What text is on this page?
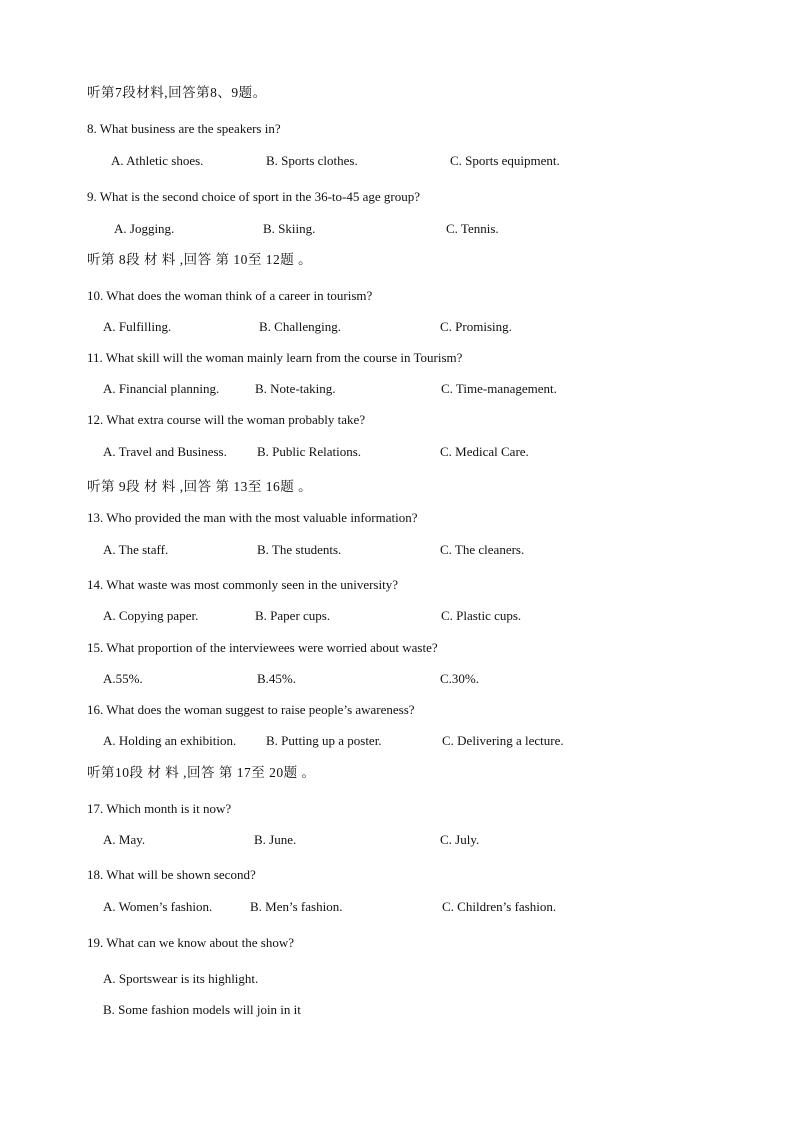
听第7段材料,回答第8、9题。
8. What business are the speakers in?
A. Athletic shoes.	B. Sports clothes.	C. Sports equipment.
9. What is the second choice of sport in the 36-to-45 age group?
A. Jogging.	B. Skiing.	C. Tennis.
听第 8段 材 料 ,回答 第 10至 12题 。
10. What does the woman think of a career in tourism?
A. Fulfilling.	B. Challenging.	C. Promising.
11. What skill will the woman mainly learn from the course in Tourism?
A. Financial planning.	B. Note-taking.	C. Time-management.
12. What extra course will the woman probably take?
A. Travel and Business. B. Public Relations.	C. Medical Care.
听第 9段 材 料 ,回答 第 13至 16题 。
13. Who provided the man with the most valuable information?
A. The staff.	B. The students.	C. The cleaners.
14. What waste was most commonly seen in the university?
A. Copying paper.	B. Paper cups.	C. Plastic cups.
15. What proportion of the interviewees were worried about waste?
A.55%.	B.45%.	C.30%.
16. What does the woman suggest to raise people’s awareness?
A. Holding an exhibition. B. Putting up a poster.	C. Delivering a lecture.
听第10段 材 料 ,回答 第 17至 20题 。
17. Which month is it now?
A. May.	B. June.	C. July.
18. What will be shown second?
A. Women’s fashion.	B. Men’s fashion.	C. Children’s fashion.
19. What can we know about the show?
A. Sportswear is its highlight.
B. Some fashion models will join in it
